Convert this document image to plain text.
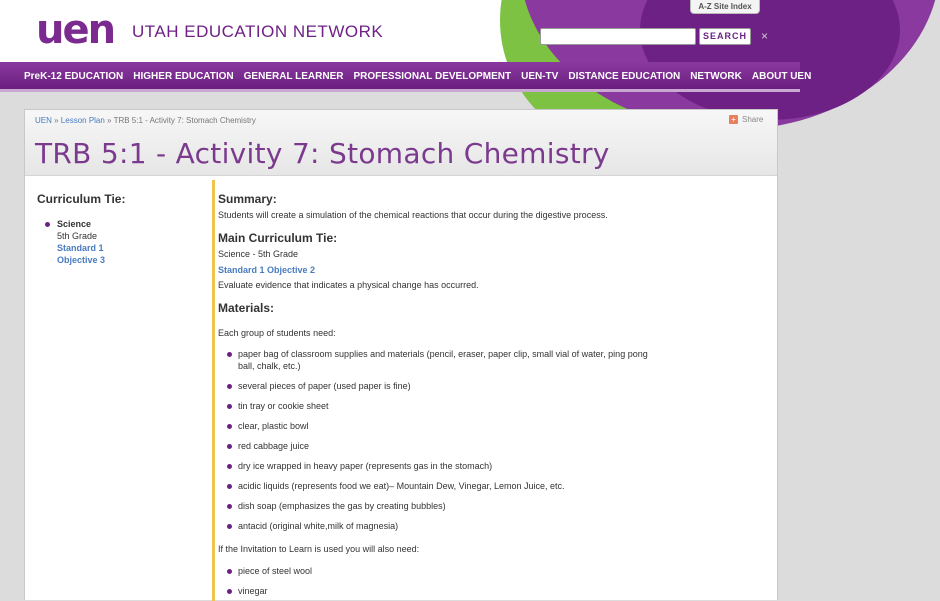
uen UTAH EDUCATION NETWORK
A-Z Site Index
SEARCH	×
PreK-12 EDUCATION HIGHER EDUCATION GENERAL LEARNER PROFESSIONAL DEVELOPMENT UEN-TV DISTANCE EDUCATION NETWORK ABOUT UEN
UEN » Lesson Plan » TRB 5:1 - Activity 7: Stomach Chemistry	+ Share
TRB 5:1 - Activity 7: Stomach Chemistry
Curriculum Tie:
Science
5th Grade
Standard 1
Objective 3
Summary:
Students will create a simulation of the chemical reactions that occur during the digestive process.
Main Curriculum Tie:
Science - 5th Grade
Standard 1 Objective 2
Evaluate evidence that indicates a physical change has occurred.
Materials:
Each group of students need:
paper bag of classroom supplies and materials (pencil, eraser, paper clip, small vial of water, ping pong ball, chalk, etc.)
several pieces of paper (used paper is fine)
tin tray or cookie sheet
clear, plastic bowl
red cabbage juice
dry ice wrapped in heavy paper (represents gas in the stomach)
acidic liquids (represents food we eat)– Mountain Dew, Vinegar, Lemon Juice, etc.
dish soap (emphasizes the gas by creating bubbles)
antacid (original white,milk of magnesia)
If the Invitation to Learn is used you will also need:
piece of steel wool
vinegar
